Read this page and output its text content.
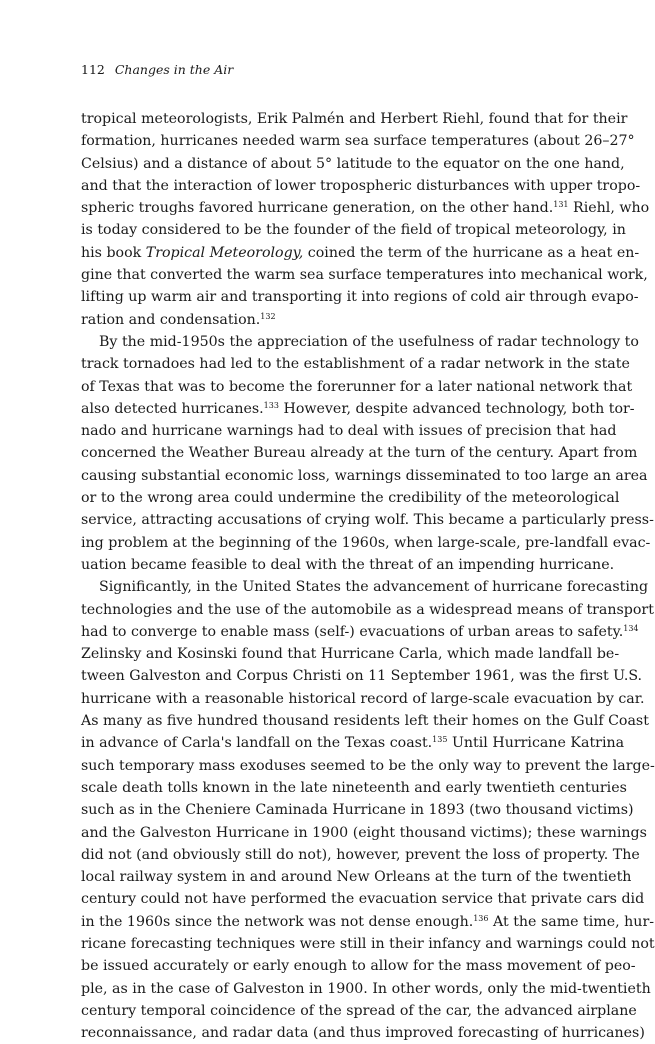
112 Changes in the Air
tropical meteorologists, Erik Palmén and Herbert Riehl, found that for their
formation, hurricanes needed warm sea surface temperatures (about 26–27°
Celsius) and a distance of about 5° latitude to the equator on the one hand,
and that the interaction of lower tropospheric disturbances with upper tropo-
spheric troughs favored hurricane generation, on the other hand.$^{131}$ Riehl, who
is today considered to be the founder of the field of tropical meteorology, in
his book Tropical Meteorology, coined the term of the hurricane as a heat en-
gine that converted the warm sea surface temperatures into mechanical work,
lifting up warm air and transporting it into regions of cold air through evapo-
ration and condensation.$^{132}$
By the mid-1950s the appreciation of the usefulness of radar technology to
track tornadoes had led to the establishment of a radar network in the state
of Texas that was to become the forerunner for a later national network that
also detected hurricanes.$^{133}$ However, despite advanced technology, both tor-
nado and hurricane warnings had to deal with issues of precision that had
concerned the Weather Bureau already at the turn of the century. Apart from
causing substantial economic loss, warnings disseminated to too large an area
or to the wrong area could undermine the credibility of the meteorological
service, attracting accusations of crying wolf. This became a particularly press-
ing problem at the beginning of the 1960s, when large-scale, pre-landfall evac-
uation became feasible to deal with the threat of an impending hurricane.
Significantly, in the United States the advancement of hurricane forecasting
technologies and the use of the automobile as a widespread means of transport
had to converge to enable mass (self-) evacuations of urban areas to safety.$^{134}$
Zelinsky and Kosinski found that Hurricane Carla, which made landfall be-
tween Galveston and Corpus Christi on 11 September 1961, was the first U.S.
hurricane with a reasonable historical record of large-scale evacuation by car.
As many as five hundred thousand residents left their homes on the Gulf Coast
in advance of Carla's landfall on the Texas coast.$^{135}$ Until Hurricane Katrina
such temporary mass exoduses seemed to be the only way to prevent the large-
scale death tolls known in the late nineteenth and early twentieth centuries
such as in the Cheniere Caminada Hurricane in 1893 (two thousand victims)
and the Galveston Hurricane in 1900 (eight thousand victims); these warnings
did not (and obviously still do not), however, prevent the loss of property. The
local railway system in and around New Orleans at the turn of the twentieth
century could not have performed the evacuation service that private cars did
in the 1960s since the network was not dense enough.$^{136}$ At the same time, hur-
ricane forecasting techniques were still in their infancy and warnings could not
be issued accurately or early enough to allow for the mass movement of peo-
ple, as in the case of Galveston in 1900. In other words, only the mid-twentieth
century temporal coincidence of the spread of the car, the advanced airplane
reconnaissance, and radar data (and thus improved forecasting of hurricanes)
